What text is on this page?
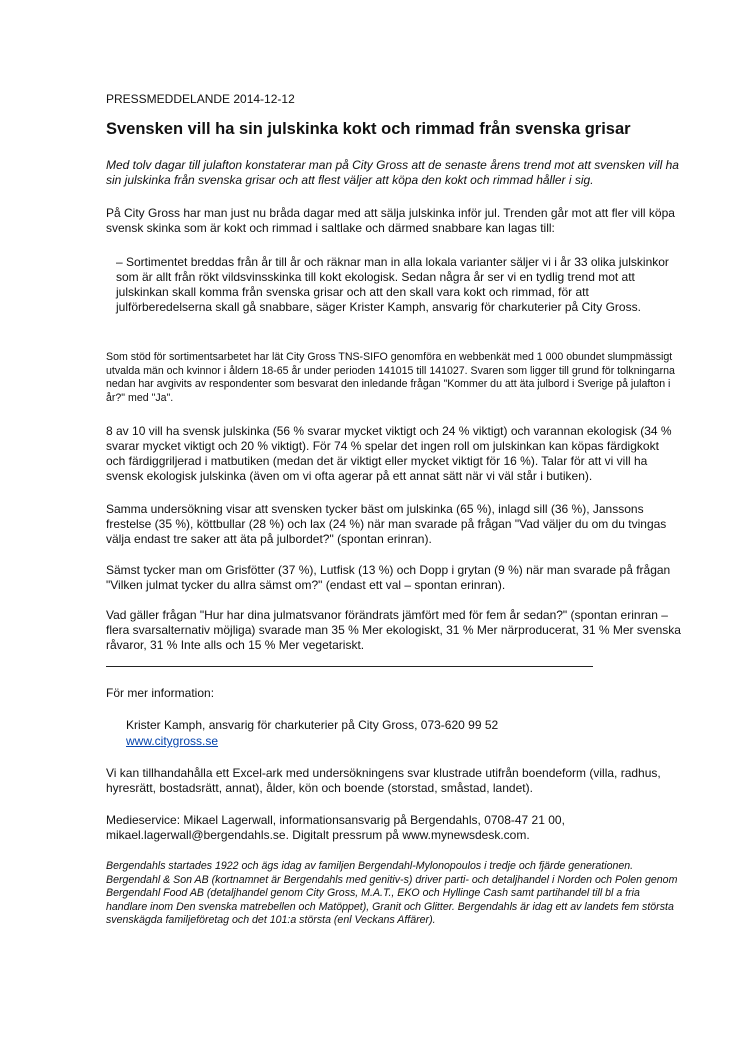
PRESSMEDDELANDE 2014-12-12
Svensken vill ha sin julskinka kokt och rimmad från svenska grisar

Med tolv dagar till julafton konstaterar man på City Gross att de senaste årens trend mot att svensken vill ha sin julskinka från svenska grisar och att flest väljer att köpa den kokt och rimmad håller i sig.

På City Gross har man just nu bråda dagar med att sälja julskinka inför jul. Trenden går mot att fler vill köpa svensk skinka som är kokt och rimmad i saltlake och därmed snabbare kan lagas till:

– Sortimentet breddas från år till år och räknar man in alla lokala varianter säljer vi i år 33 olika julskinkor som är allt från rökt vildsvinsskinka till kokt ekologisk. Sedan några år ser vi en tydlig trend mot att julskinkan skall komma från svenska grisar och att den skall vara kokt och rimmad, för att julförberedelserna skall gå snabbare, säger Krister Kamph, ansvarig för charkuterier på City Gross.

Som stöd för sortimentsarbetet har lät City Gross TNS-SIFO genomföra en webbenkät med 1 000 obundet slumpmässigt utvalda män och kvinnor i åldern 18-65 år under perioden 141015 till 141027. Svaren som ligger till grund för tolkningarna nedan har avgivits av respondenter som besvarat den inledande frågan "Kommer du att äta julbord i Sverige på julafton i år?" med "Ja".

8 av 10 vill ha svensk julskinka (56 % svarar mycket viktigt och 24 % viktigt) och varannan ekologisk (34 % svarar mycket viktigt och 20 % viktigt). För 74 % spelar det ingen roll om julskinkan kan köpas färdigkokt och färdiggriljerad i matbutiken (medan det är viktigt eller mycket viktigt för 16 %). Talar för att vi vill ha svensk ekologisk julskinka (även om vi ofta agerar på ett annat sätt när vi väl står i butiken).

Samma undersökning visar att svensken tycker bäst om julskinka (65 %), inlagd sill (36 %), Janssons frestelse (35 %), köttbullar (28 %) och lax (24 %) när man svarade på frågan "Vad väljer du om du tvingas välja endast tre saker att äta på julbordet?" (spontan erinran).

Sämst tycker man om Grisfötter (37 %), Lutfisk (13 %) och Dopp i grytan (9 %) när man svarade på frågan "Vilken julmat tycker du allra sämst om?" (endast ett val – spontan erinran).

Vad gäller frågan "Hur har dina julmatsvanor förändrats jämfört med för fem år sedan?" (spontan erinran – flera svarsalternativ möjliga) svarade man 35 % Mer ekologiskt, 31 % Mer närproducerat, 31 % Mer svenska råvaror, 31 % Inte alls och 15 % Mer vegetariskt.

För mer information:

Krister Kamph, ansvarig för charkuterier på City Gross, 073-620 99 52

www.citygross.se

Vi kan tillhandahålla ett Excel-ark med undersökningens svar klustrade utifrån boendeform (villa, radhus, hyresrätt, bostadsrätt, annat), ålder, kön och boende (storstad, småstad, landet).

Medieservice: Mikael Lagerwall, informationsansvarig på Bergendahls, 0708-47 21 00, mikael.lagerwall@bergendahls.se. Digitalt pressrum på www.mynewsdesk.com.

Bergendahls startades 1922 och ägs idag av familjen Bergendahl-Mylonopoulos i tredje och fjärde generationen. Bergendahl & Son AB (kortnamnet är Bergendahls med genitiv-s) driver parti- och detaljhandel i Norden och Polen genom Bergendahl Food AB (detaljhandel genom City Gross, M.A.T., EKO och Hyllinge Cash samt partihandel till bl a fria handlare inom Den svenska matrebellen och Matöppet), Granit och Glitter. Bergendahls är idag ett av landets fem största svenskägda familjeföretag och det 101:a största (enl Veckans Affärer).
